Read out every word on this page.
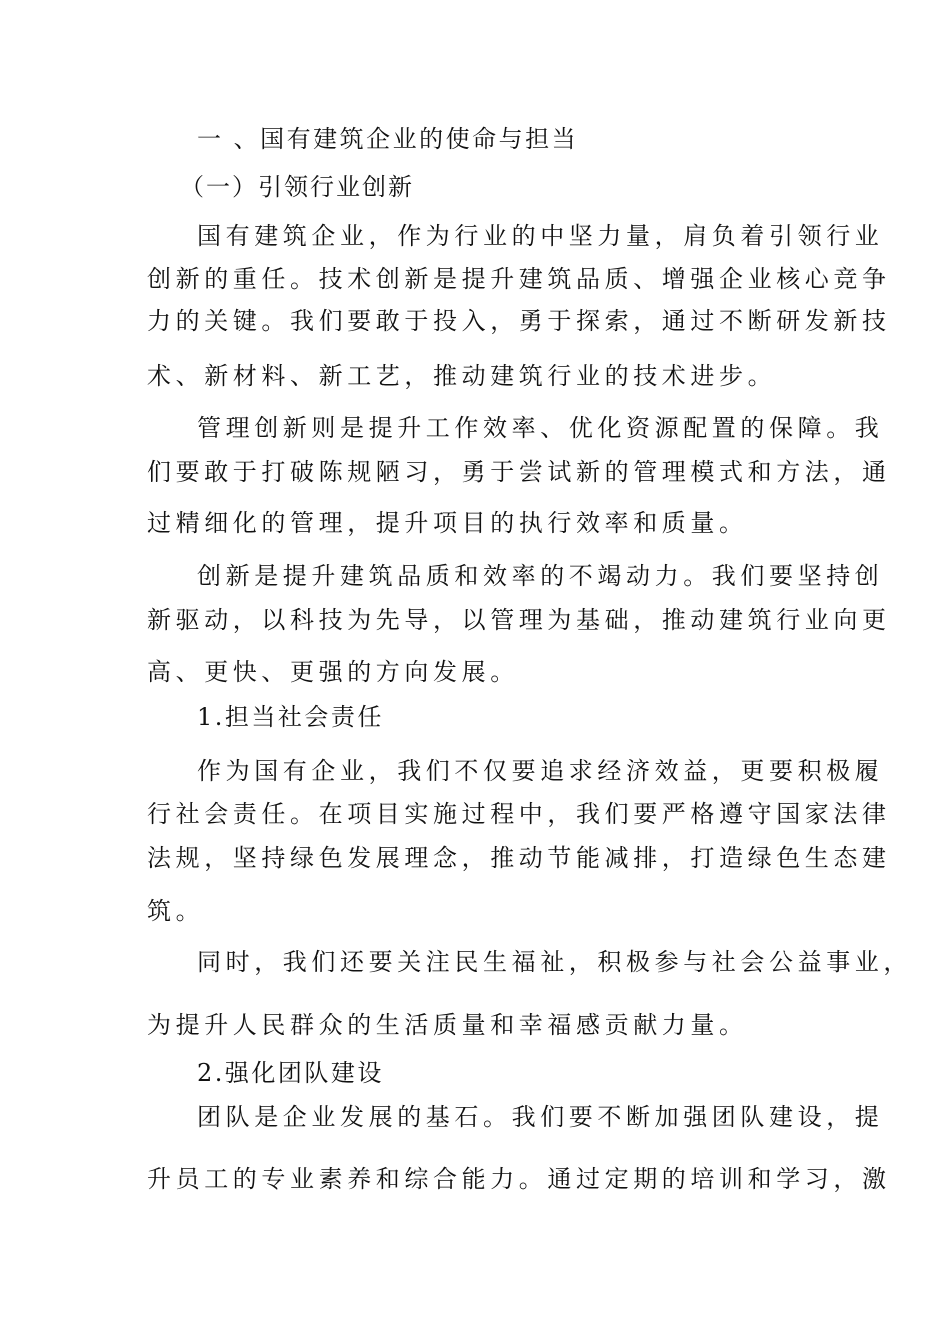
一 、国有建筑企业的使命与担当
（一）引领行业创新
国有建筑企业，作为行业的中坚力量，肩负着引领行业
创新的重任。技术创新是提升建筑品质、增强企业核心竞争
力的关键。我们要敢于投入，勇于探索，通过不断研发新技
术、新材料、新工艺，推动建筑行业的技术进步。
管理创新则是提升工作效率、优化资源配置的保障。我
们要敢于打破陈规陋习，勇于尝试新的管理模式和方法，通
过精细化的管理，提升项目的执行效率和质量。
创新是提升建筑品质和效率的不竭动力。我们要坚持创
新驱动，以科技为先导，以管理为基础，推动建筑行业向更
高、更快、更强的方向发展。
1.担当社会责任
作为国有企业，我们不仅要追求经济效益，更要积极履
行社会责任。在项目实施过程中，我们要严格遵守国家法律
法规，坚持绿色发展理念，推动节能减排，打造绿色生态建
筑。
同时，我们还要关注民生福祉，积极参与社会公益事业，
为提升人民群众的生活质量和幸福感贡献力量。
2.强化团队建设
团队是企业发展的基石。我们要不断加强团队建设，提
升员工的专业素养和综合能力。通过定期的培训和学习，激
